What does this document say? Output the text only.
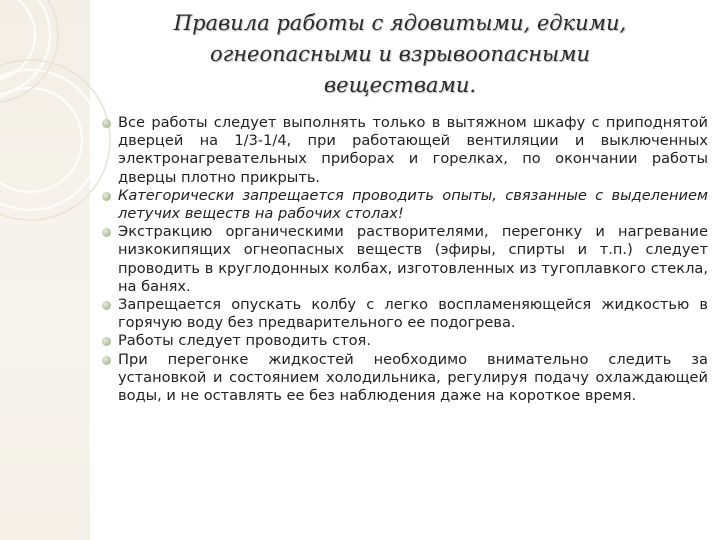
Правила работы с ядовитыми, едкими,
огнеопасными и взрывоопасными
веществами.
Все работы следует выполнять только в вытяжном шкафу с приподнятой дверцей на 1/3-1/4, при работающей вентиляции и выключенных электронагревательных приборах и горелках, по окончании работы дверцы плотно прикрыть.
Категорически запрещается проводить опыты, связанные с выделением летучих веществ на рабочих столах!
Экстракцию органическими растворителями, перегонку и нагревание низкокипящих огнеопасных веществ (эфиры, спирты и т.п.) следует проводить в круглодонных колбах, изготовленных из тугоплавкого стекла, на банях.
Запрещается опускать колбу с легко воспламеняющейся жидкостью в горячую воду без предварительного ее подогрева.
Работы следует проводить стоя.
При перегонке жидкостей необходимо внимательно следить за установкой и состоянием холодильника, регулируя подачу охлаждающей воды, и не оставлять ее без наблюдения даже на короткое время.
